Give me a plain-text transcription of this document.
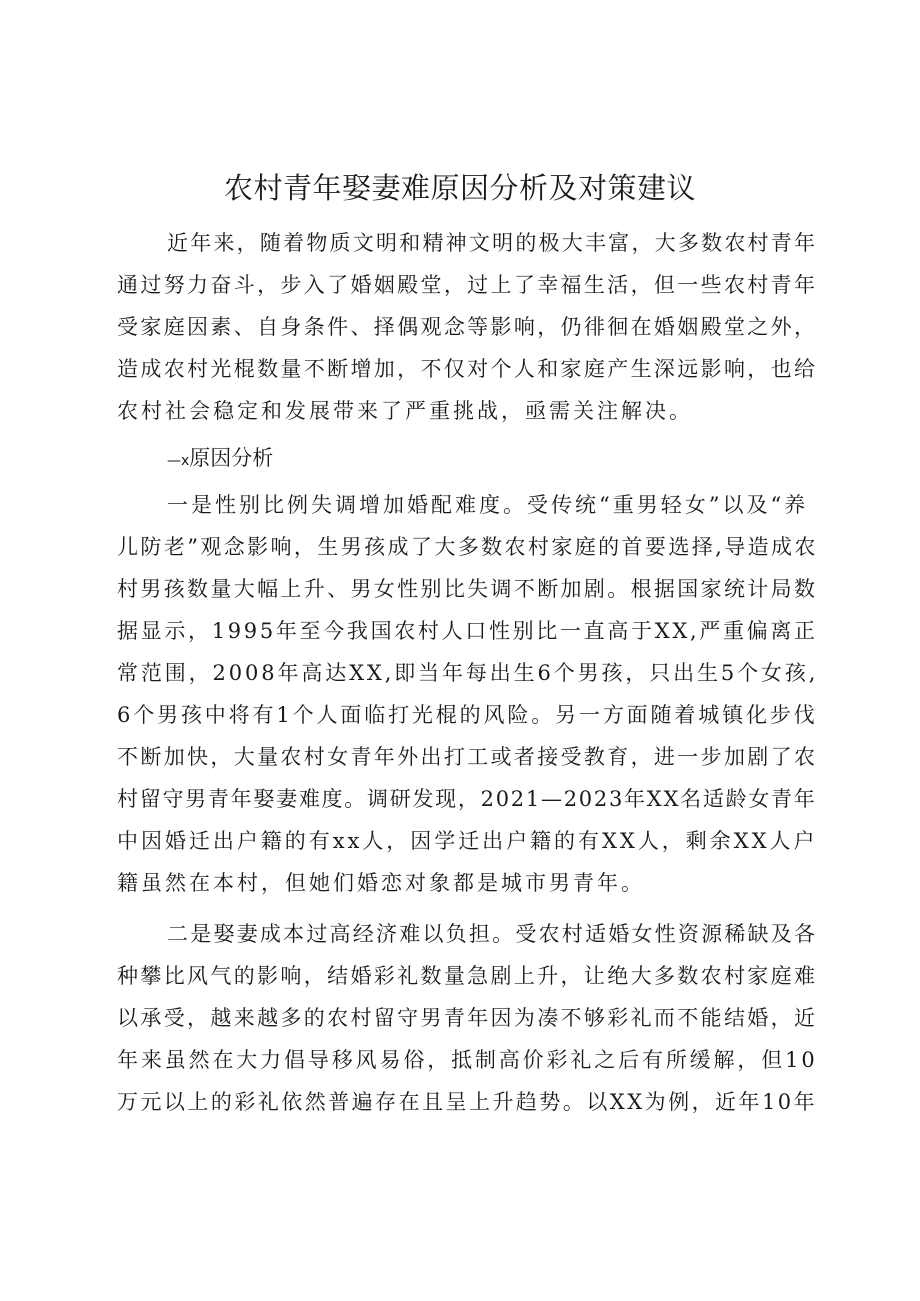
农村青年娶妻难原因分析及对策建议

近年来，随着物质文明和精神文明的极大丰富，大多数农村青年

通过努力奋斗，步入了婚姻殿堂，过上了幸福生活，但一些农村青年

受家庭因素、自身条件、择偶观念等影响，仍徘徊在婚姻殿堂之外，

造成农村光棍数量不断增加，不仅对个人和家庭产生深远影响，也给

农村社会稳定和发展带来了严重挑战，亟需关注解决。

—x原因分析

一是性别比例失调增加婚配难度。受传统“重男轻女”以及“养

儿防老”观念影响，生男孩成了大多数农村家庭的首要选择,导造成农

村男孩数量大幅上升、男女性别比失调不断加剧。根据国家统计局数

据显示，1995年至今我国农村人口性别比一直高于XX,严重偏离正

常范围，2008年高达XX,即当年每出生6个男孩，只出生5个女孩,

6个男孩中将有1个人面临打光棍的风险。另一方面随着城镇化步伐

不断加快，大量农村女青年外出打工或者接受教育，进一步加剧了农

村留守男青年娶妻难度。调研发现，2021—2023年XX名适龄女青年

中因婚迁出户籍的有xx人，因学迁出户籍的有XX人，剩余XX人户

籍虽然在本村，但她们婚恋对象都是城市男青年。

二是娶妻成本过高经济难以负担。受农村适婚女性资源稀缺及各

种攀比风气的影响，结婚彩礼数量急剧上升，让绝大多数农村家庭难

以承受，越来越多的农村留守男青年因为凑不够彩礼而不能结婚，近

年来虽然在大力倡导移风易俗，抵制高价彩礼之后有所缓解，但10

万元以上的彩礼依然普遍存在且呈上升趋势。以XX为例，近年10年
